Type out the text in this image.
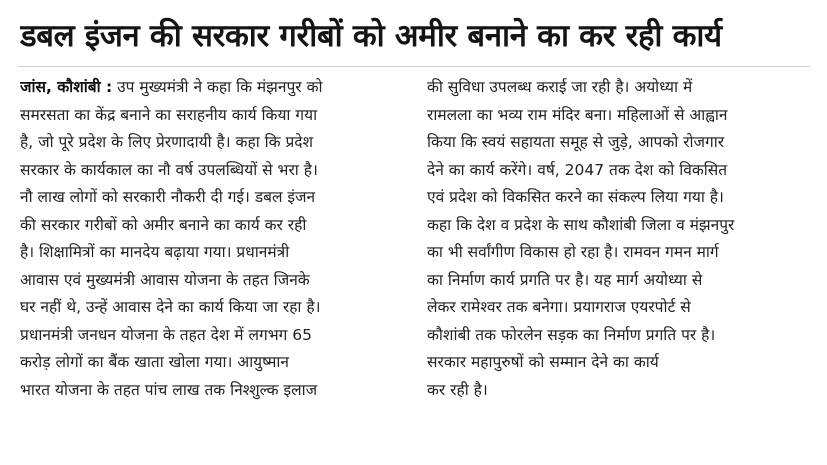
डबल इंजन की सरकार गरीबों को अमीर बनाने का कर रही कार्य
जांस, कौशांबी : उप मुख्यमंत्री ने कहा कि मंझनपुर को
समरसता का केंद्र बनाने का सराहनीय कार्य किया गया
है, जो पूरे प्रदेश के लिए प्रेरणादायी है। कहा कि प्रदेश
सरकार के कार्यकाल का नौ वर्ष उपलब्धियों से भरा है।
नौ लाख लोगों को सरकारी नौकरी दी गई। डबल इंजन
की सरकार गरीबों को अमीर बनाने का कार्य कर रही
है। शिक्षामित्रों का मानदेय बढ़ाया गया। प्रधानमंत्री
आवास एवं मुख्यमंत्री आवास योजना के तहत जिनके
घर नहीं थे, उन्हें आवास देने का कार्य किया जा रहा है।
प्रधानमंत्री जनधन योजना के तहत देश में लगभग 65
करोड़ लोगों का बैंक खाता खोला गया। आयुष्मान
भारत योजना के तहत पांच लाख तक निश्शुल्क इलाज
की सुविधा उपलब्ध कराई जा रही है। अयोध्या में
रामलला का भव्य राम मंदिर बना। महिलाओं से आह्वान
किया कि स्वयं सहायता समूह से जुड़े, आपको रोजगार
देने का कार्य करेंगे। वर्ष, 2047 तक देश को विकसित
एवं प्रदेश को विकसित करने का संकल्प लिया गया है।
कहा कि देश व प्रदेश के साथ कौशांबी जिला व मंझनपुर
का भी सर्वांगीण विकास हो रहा है। रामवन गमन मार्ग
का निर्माण कार्य प्रगति पर है। यह मार्ग अयोध्या से
लेकर रामेश्वर तक बनेगा। प्रयागराज एयरपोर्ट से
कौशांबी तक फोरलेन सड़क का निर्माण प्रगति पर है।
सरकार महापुरुषों को सम्मान देने का कार्य
कर रही है।
